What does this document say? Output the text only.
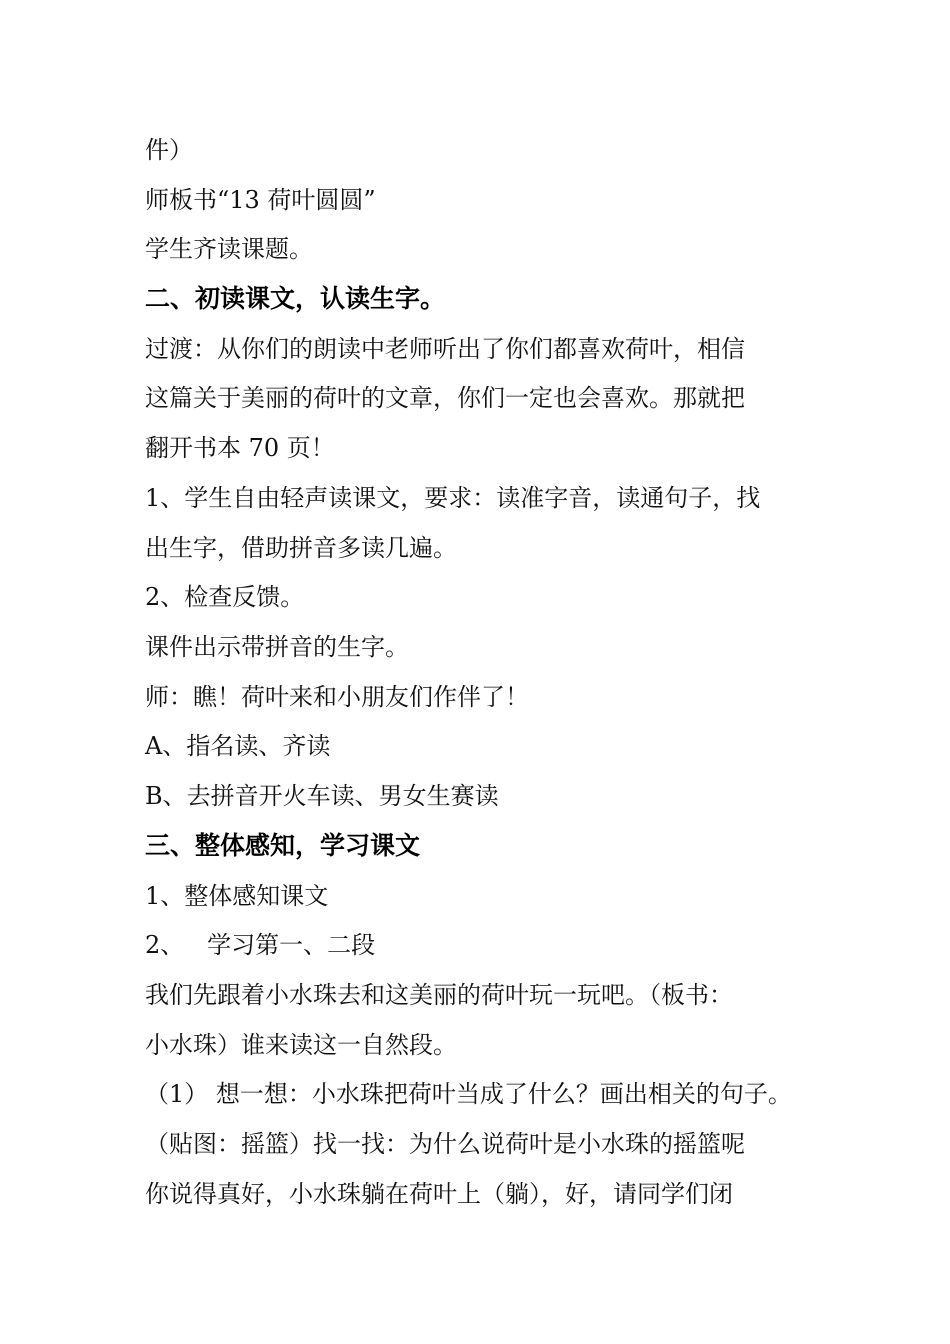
件）
师板书“13 荷叶圆圆”
学生齐读课题。
二、初读课文，认读生字。
过渡：从你们的朗读中老师听出了你们都喜欢荷叶，相信
这篇关于美丽的荷叶的文章，你们一定也会喜欢。那就把
翻开书本 70 页！
1、学生自由轻声读课文，要求：读准字音，读通句子，找
出生字，借助拼音多读几遍。
2、检查反馈。
课件出示带拼音的生字。
师：瞧！荷叶来和小朋友们作伴了！
A、指名读、齐读
B、去拼音开火车读、男女生赛读
三、整体感知，学习课文
1、整体感知课文
2、   学习第一、二段
我们先跟着小水珠去和这美丽的荷叶玩一玩吧。（板书：
小水珠）谁来读这一自然段。
（1） 想一想：小水珠把荷叶当成了什么？画出相关的句子。
（贴图：摇篮）找一找：为什么说荷叶是小水珠的摇篮呢
你说得真好，小水珠躺在荷叶上（躺），好，请同学们闭
